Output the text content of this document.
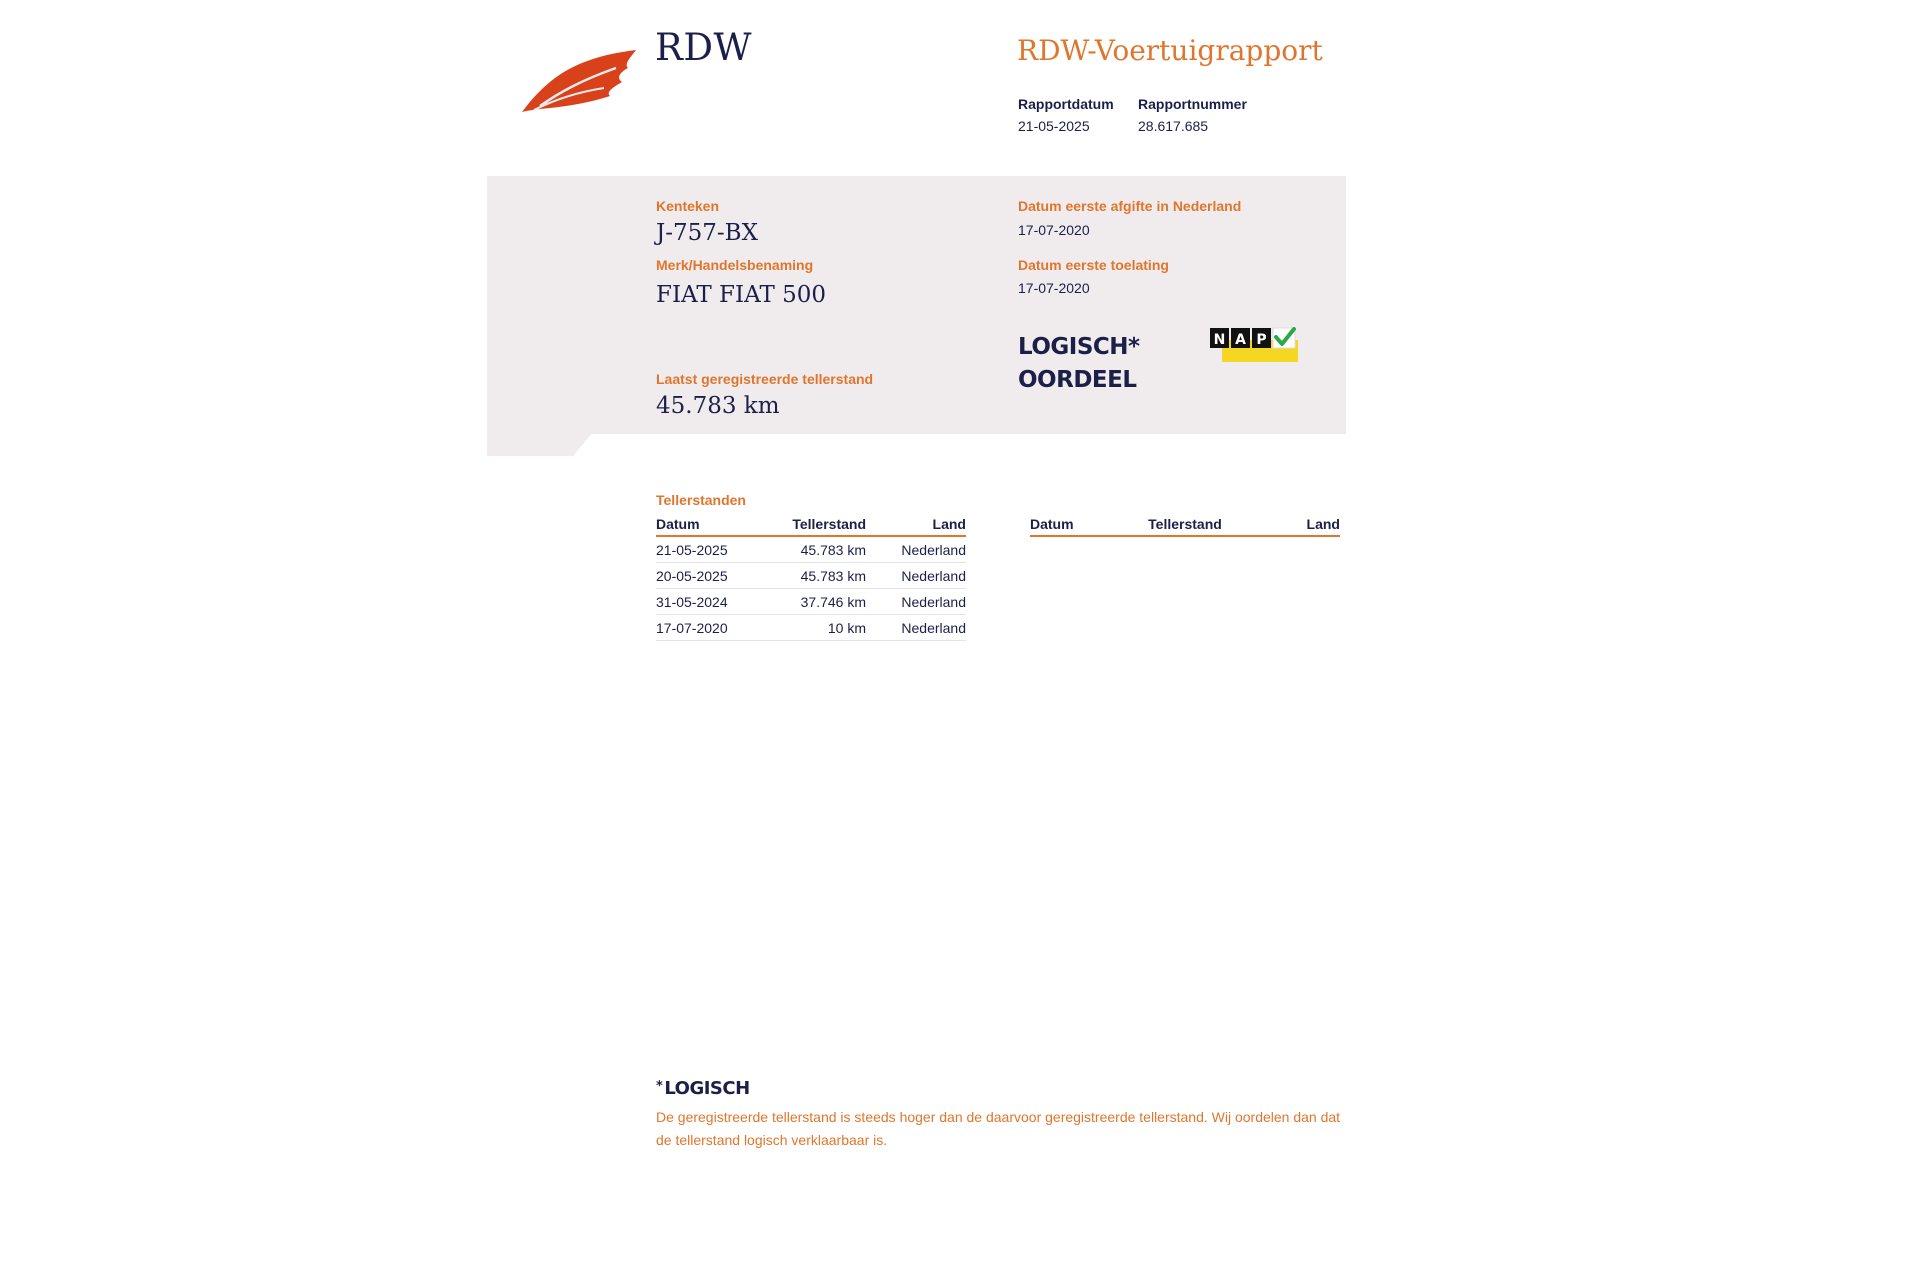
RDW	RDW-Voertuigrapport
Rapportdatum
21-05-2025
Rapportnummer
28.617.685
Kenteken
J-757-BX
Merk/Handelsbenaming
FIAT FIAT 500
Laatst geregistreerde tellerstand
45.783 km
Datum eerste afgifte in Nederland
17-07-2020
Datum eerste toelating
17-07-2020
LOGISCH*
OORDEEL
N A P
Tellerstanden
Datum	Tellerstand	Land
21-05-2025	45.783 km	Nederland
20-05-2025	45.783 km	Nederland
31-05-2024	37.746 km	Nederland
17-07-2020	10 km	Nederland
Datum	Tellerstand	Land
* LOGISCH
De geregistreerde tellerstand is steeds hoger dan de daarvoor geregistreerde tellerstand. Wij oordelen dan dat de tellerstand logisch verklaarbaar is.
